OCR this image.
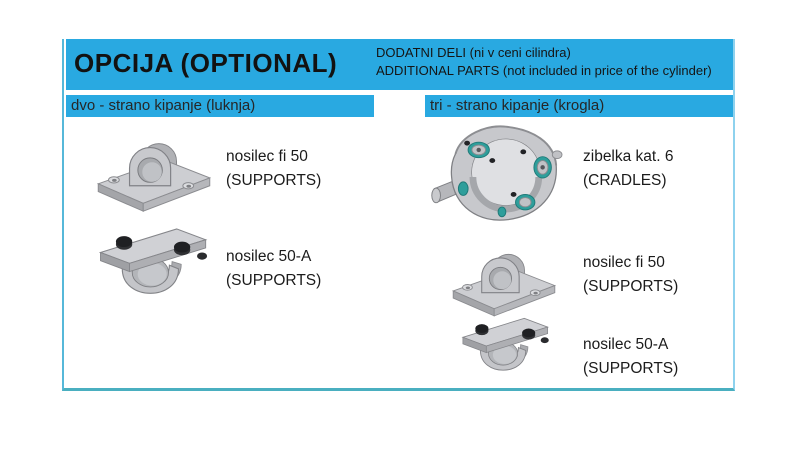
OPCIJA (OPTIONAL)	DODATNI DELI (ni v ceni cilindra)
ADDITIONAL PARTS (not included in price of the cylinder)
dvo - strano kipanje (luknja)	tri - strano kipanje (krogla)
nosilec fi 50
(SUPPORTS)
nosilec 50-A
(SUPPORTS)
zibelka kat. 6
(CRADLES)
nosilec fi 50
(SUPPORTS)
nosilec 50-A
(SUPPORTS)
